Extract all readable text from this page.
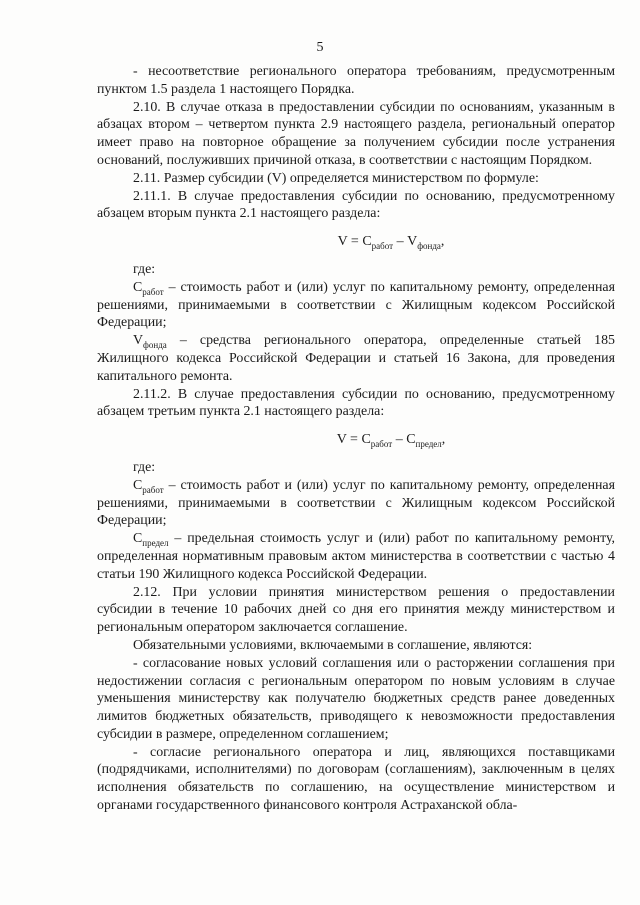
5

- несоответствие регионального оператора требованиям, предусмотренным пунктом 1.5 раздела 1 настоящего Порядка.

2.10. В случае отказа в предоставлении субсидии по основаниям, указанным в абзацах втором – четвертом пункта 2.9 настоящего раздела, региональный оператор имеет право на повторное обращение за получением субсидии после устранения оснований, послуживших причиной отказа, в соответствии с настоящим Порядком.

2.11. Размер субсидии (V) определяется министерством по формуле:

2.11.1. В случае предоставления субсидии по основанию, предусмотренному абзацем вторым пункта 2.1 настоящего раздела:

$V = C_{работ} - V_{фонда}$,

где:

$C_{работ}$ – стоимость работ и (или) услуг по капитальному ремонту, определенная решениями, принимаемыми в соответствии с Жилищным кодексом Российской Федерации;

$V_{фонда}$ – средства регионального оператора, определенные статьей 185 Жилищного кодекса Российской Федерации и статьей 16 Закона, для проведения капитального ремонта.

2.11.2. В случае предоставления субсидии по основанию, предусмотренному абзацем третьим пункта 2.1 настоящего раздела:

$V = C_{работ} - C_{предел}$,

где:

$C_{работ}$ – стоимость работ и (или) услуг по капитальному ремонту, определенная решениями, принимаемыми в соответствии с Жилищным кодексом Российской Федерации;

$C_{предел}$ – предельная стоимость услуг и (или) работ по капитальному ремонту, определенная нормативным правовым актом министерства в соответствии с частью 4 статьи 190 Жилищного кодекса Российской Федерации.

2.12. При условии принятия министерством решения о предоставлении субсидии в течение 10 рабочих дней со дня его принятия между министерством и региональным оператором заключается соглашение.

Обязательными условиями, включаемыми в соглашение, являются:

- согласование новых условий соглашения или о расторжении соглашения при недостижении согласия с региональным оператором по новым условиям в случае уменьшения министерству как получателю бюджетных средств ранее доведенных лимитов бюджетных обязательств, приводящего к невозможности предоставления субсидии в размере, определенном соглашением;

- согласие регионального оператора и лиц, являющихся поставщиками (подрядчиками, исполнителями) по договорам (соглашениям), заключенным в целях исполнения обязательств по соглашению, на осуществление министерством и органами государственного финансового контроля Астраханской обла-
